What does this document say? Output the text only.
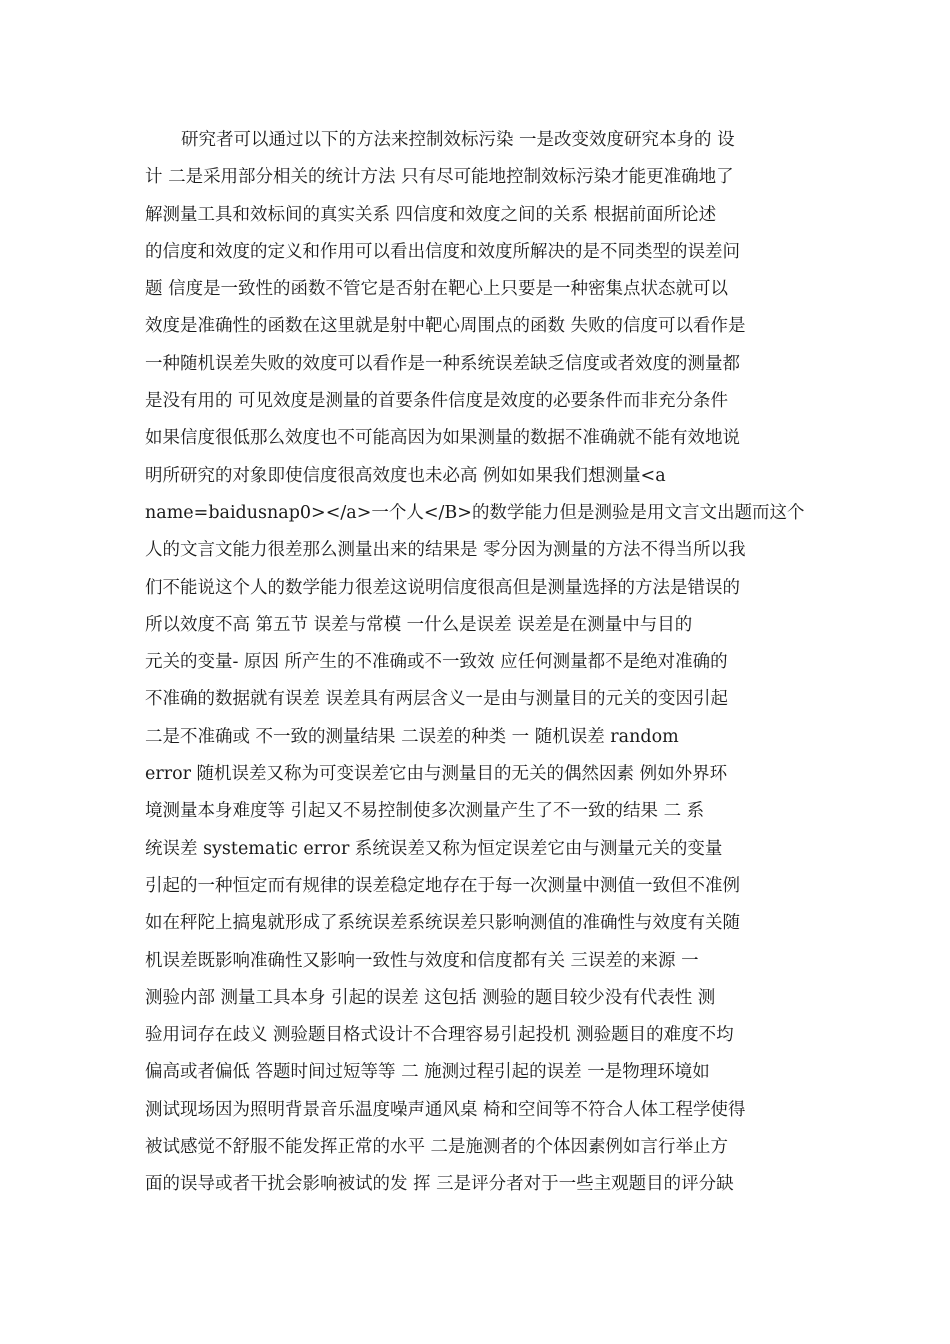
研究者可以通过以下的方法来控制效标污染 一是改变效度研究本身的 设
计 二是采用部分相关的统计方法 只有尽可能地控制效标污染才能更准确地了
解测量工具和效标间的真实关系 四信度和效度之间的关系 根据前面所论述
的信度和效度的定义和作用可以看出信度和效度所解决的是不同类型的误差问
题 信度是一致性的函数不管它是否射在靶心上只要是一种密集点状态就可以
效度是准确性的函数在这里就是射中靶心周围点的函数 失败的信度可以看作是
一种随机误差失败的效度可以看作是一种系统误差缺乏信度或者效度的测量都
是没有用的 可见效度是测量的首要条件信度是效度的必要条件而非充分条件
如果信度很低那么效度也不可能高因为如果测量的数据不准确就不能有效地说
明所研究的对象即使信度很高效度也未必高 例如如果我们想测量<a
name=baidusnap0></a>一个人</B>的数学能力但是测验是用文言文出题而这个
人的文言文能力很差那么测量出来的结果是 零分因为测量的方法不得当所以我
们不能说这个人的数学能力很差这说明信度很高但是测量选择的方法是错误的
所以效度不高 第五节 误差与常模 一什么是误差 误差是在测量中与目的
元关的变量- 原因 所产生的不准确或不一致效 应任何测量都不是绝对准确的
不准确的数据就有误差 误差具有两层含义一是由与测量目的元关的变因引起
二是不准确或 不一致的测量结果 二误差的种类 一 随机误差 random
error 随机误差又称为可变误差它由与测量目的无关的偶然因素 例如外界环
境测量本身难度等 引起又不易控制使多次测量产生了不一致的结果 二 系
统误差 systematic error 系统误差又称为恒定误差它由与测量元关的变量
引起的一种恒定而有规律的误差稳定地存在于每一次测量中测值一致但不准例
如在秤陀上搞鬼就形成了系统误差系统误差只影响测值的准确性与效度有关随
机误差既影响准确性又影响一致性与效度和信度都有关 三误差的来源 一
测验内部 测量工具本身 引起的误差 这包括 测验的题目较少没有代表性 测
验用词存在歧义 测验题目格式设计不合理容易引起投机 测验题目的难度不均
偏高或者偏低 答题时间过短等等 二 施测过程引起的误差 一是物理环境如
测试现场因为照明背景音乐温度噪声通风桌 椅和空间等不符合人体工程学使得
被试感觉不舒服不能发挥正常的水平 二是施测者的个体因素例如言行举止方
面的误导或者干扰会影响被试的发 挥 三是评分者对于一些主观题目的评分缺
